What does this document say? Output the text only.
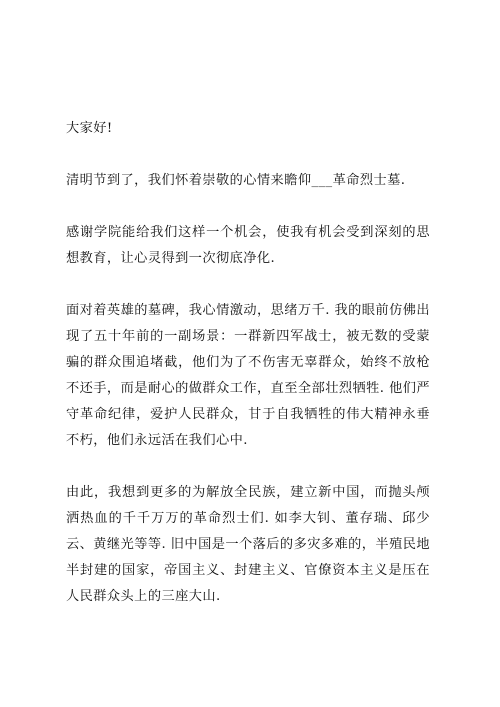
大家好!

清明节到了，我们怀着崇敬的心情来瞻仰___革命烈士墓.

感谢学院能给我们这样一个机会，使我有机会受到深刻的思想教育，让心灵得到一次彻底净化.

面对着英雄的墓碑，我心情激动，思绪万千. 我的眼前仿佛出现了五十年前的一副场景：一群新四军战士，被无数的受蒙骗的群众围追堵截，他们为了不伤害无辜群众，始终不放枪不还手，而是耐心的做群众工作，直至全部壮烈牺牲. 他们严守革命纪律，爱护人民群众，甘于自我牺牲的伟大精神永垂不朽，他们永远活在我们心中.

由此，我想到更多的为解放全民族，建立新中国，而抛头颅洒热血的千千万万的革命烈士们. 如李大钊、董存瑞、邱少云、黄继光等等. 旧中国是一个落后的多灾多难的，半殖民地半封建的国家，帝国主义、封建主义、官僚资本主义是压在人民群众头上的三座大山.
